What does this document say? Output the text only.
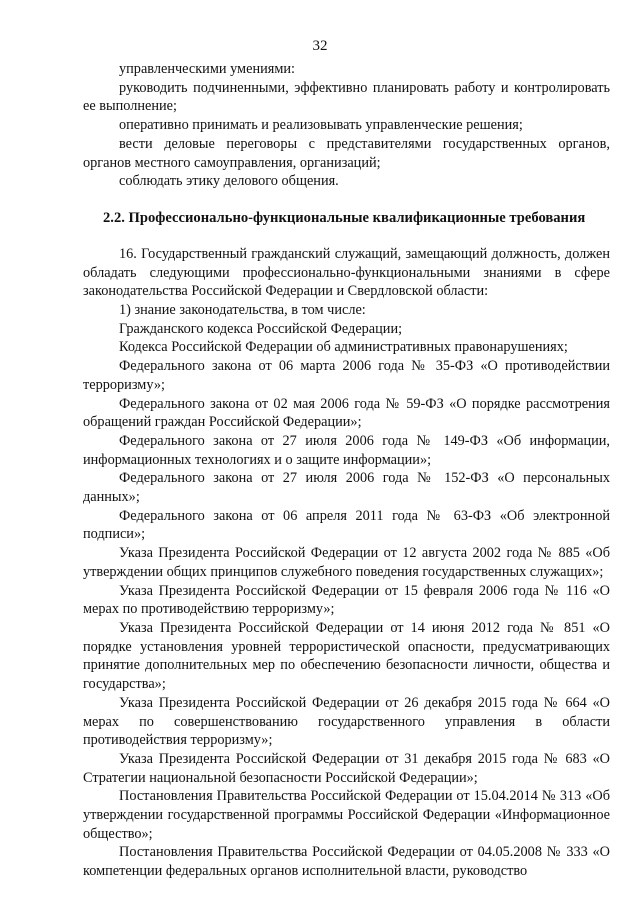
32

управленческими умениями:

руководить подчиненными, эффективно планировать работу и контролировать ее выполнение;

оперативно принимать и реализовывать управленческие решения;

вести деловые переговоры с представителями государственных органов, органов местного самоуправления, организаций;

соблюдать этику делового общения.

2.2. Профессионально-функциональные квалификационные требования

16. Государственный гражданский служащий, замещающий должность, должен обладать следующими профессионально-функциональными знаниями в сфере законодательства Российской Федерации и Свердловской области:

1) знание законодательства, в том числе:

Гражданского кодекса Российской Федерации;

Кодекса Российской Федерации об административных правонарушениях;

Федерального закона от 06 марта 2006 года № 35-ФЗ «О противодействии терроризму»;

Федерального закона от 02 мая 2006 года № 59-ФЗ «О порядке рассмотрения обращений граждан Российской Федерации»;

Федерального закона от 27 июля 2006 года № 149-ФЗ «Об информации, информационных технологиях и о защите информации»;

Федерального закона от 27 июля 2006 года № 152-ФЗ «О персональных данных»;

Федерального закона от 06 апреля 2011 года № 63-ФЗ «Об электронной подписи»;

Указа Президента Российской Федерации от 12 августа 2002 года № 885 «Об утверждении общих принципов служебного поведения государственных служащих»;

Указа Президента Российской Федерации от 15 февраля 2006 года № 116 «О мерах по противодействию терроризму»;

Указа Президента Российской Федерации от 14 июня 2012 года № 851 «О порядке установления уровней террористической опасности, предусматривающих принятие дополнительных мер по обеспечению безопасности личности, общества и государства»;

Указа Президента Российской Федерации от 26 декабря 2015 года № 664 «О мерах по совершенствованию государственного управления в области противодействия терроризму»;

Указа Президента Российской Федерации от 31 декабря 2015 года № 683 «О Стратегии национальной безопасности Российской Федерации»;

Постановления Правительства Российской Федерации от 15.04.2014 № 313 «Об утверждении государственной программы Российской Федерации «Информационное общество»;

Постановления Правительства Российской Федерации от 04.05.2008 № 333 «О компетенции федеральных органов исполнительной власти, руководство
